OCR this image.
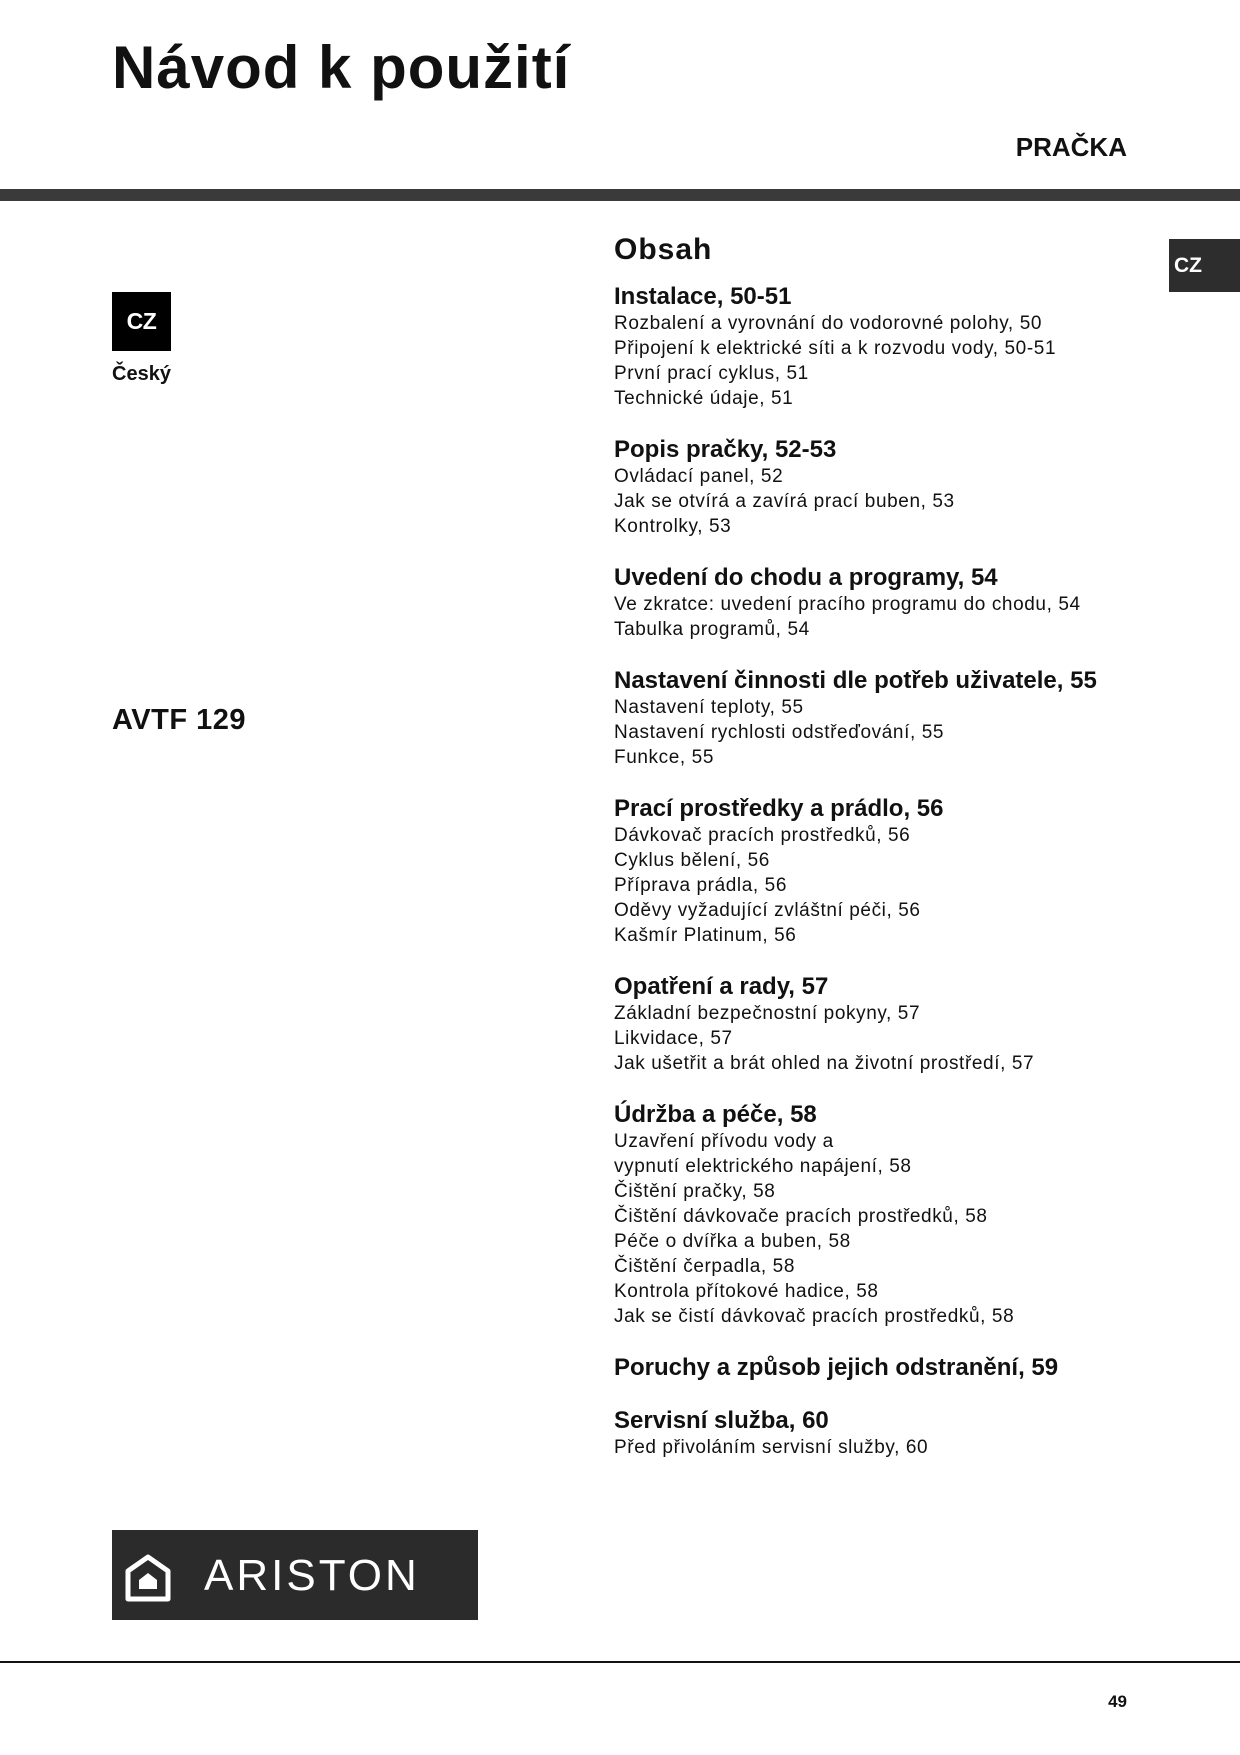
Návod k použití
PRAČKA
CZ
CZ
Český
AVTF 129
Obsah
Instalace, 50-51
Rozbalení a vyrovnání do vodorovné polohy, 50
Připojení k elektrické síti a k rozvodu vody, 50-51
První prací cyklus, 51
Technické údaje, 51
Popis pračky, 52-53
Ovládací panel, 52
Jak se otvírá a zavírá prací buben, 53
Kontrolky, 53
Uvedení do chodu a programy, 54
Ve zkratce: uvedení pracího programu do chodu, 54
Tabulka programů, 54
Nastavení činnosti dle potřeb uživatele, 55
Nastavení teploty, 55
Nastavení rychlosti odstřeďování, 55
Funkce, 55
Prací prostředky a prádlo, 56
Dávkovač pracích prostředků, 56
Cyklus bělení, 56
Příprava prádla, 56
Oděvy vyžadující zvláštní péči, 56
Kašmír Platinum, 56
Opatření a rady, 57
Základní bezpečnostní pokyny, 57
Likvidace, 57
Jak ušetřit a brát ohled na životní prostředí, 57
Údržba a péče, 58
Uzavření přívodu vody a
vypnutí elektrického napájení, 58
Čištění pračky, 58
Čištění dávkovače pracích prostředků, 58
Péče o dvířka a buben, 58
Čištění čerpadla, 58
Kontrola přítokové hadice, 58
Jak se čistí dávkovač pracích prostředků, 58
Poruchy a způsob jejich odstranění, 59
Servisní služba, 60
Před přivoláním servisní služby, 60
ARISTON
49
